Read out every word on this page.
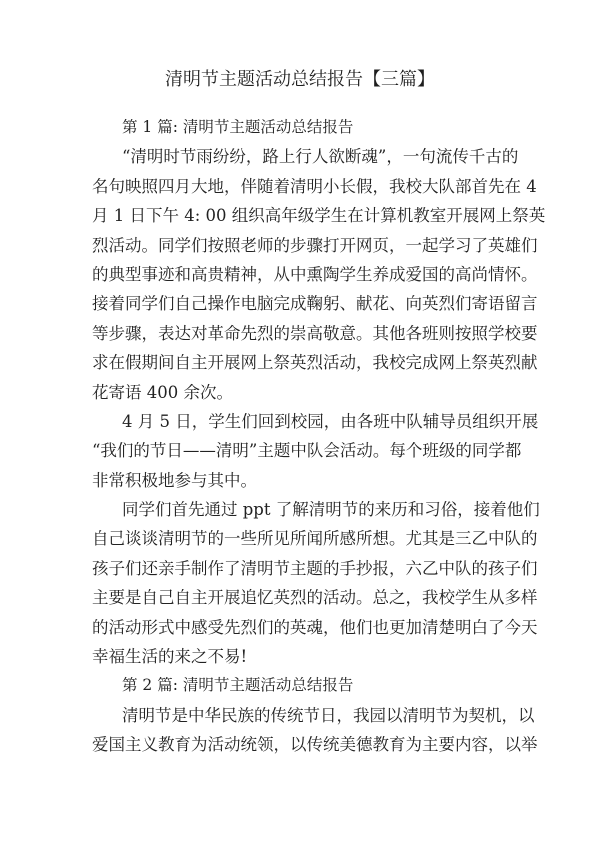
清明节主题活动总结报告【三篇】
第 1 篇: 清明节主题活动总结报告
“清明时节雨纷纷，路上行人欲断魂”，一句流传千古的
名句映照四月大地，伴随着清明小长假，我校大队部首先在 4
月 1 日下午 4: 00 组织高年级学生在计算机教室开展网上祭英
烈活动。同学们按照老师的步骤打开网页，一起学习了英雄们
的典型事迹和高贵精神，从中熏陶学生养成爱国的高尚情怀。
接着同学们自己操作电脑完成鞠躬、献花、向英烈们寄语留言
等步骤，表达对革命先烈的崇高敬意。其他各班则按照学校要
求在假期间自主开展网上祭英烈活动，我校完成网上祭英烈献
花寄语 400 余次。
4 月 5 日，学生们回到校园，由各班中队辅导员组织开展
“我们的节日——清明”主题中队会活动。每个班级的同学都
非常积极地参与其中。
同学们首先通过 ppt 了解清明节的来历和习俗，接着他们
自己谈谈清明节的一些所见所闻所感所想。尤其是三乙中队的
孩子们还亲手制作了清明节主题的手抄报，六乙中队的孩子们
主要是自己自主开展追忆英烈的活动。总之，我校学生从多样
的活动形式中感受先烈们的英魂，他们也更加清楚明白了今天
幸福生活的来之不易!
第 2 篇: 清明节主题活动总结报告
清明节是中华民族的传统节日，我园以清明节为契机，以
爱国主义教育为活动统领，以传统美德教育为主要内容，以举
